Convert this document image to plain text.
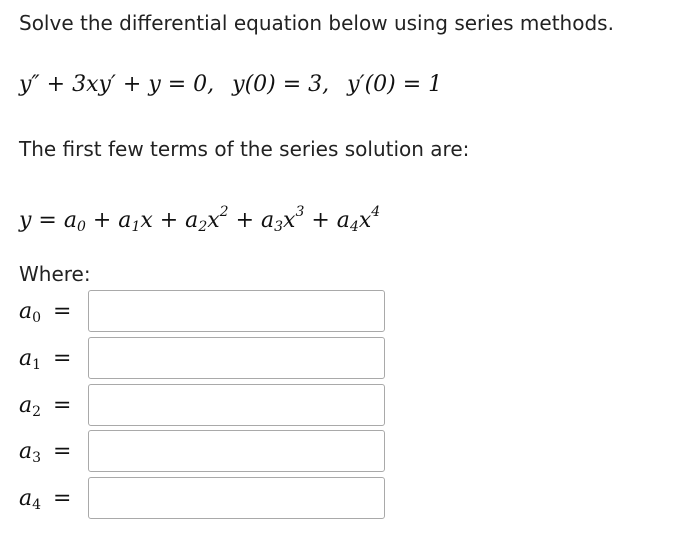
Solve the differential equation below using series methods.
y″ + 3xy′ + y = 0, y(0) = 3, y′(0) = 1
The first few terms of the series solution are:
$y = a_0 + a_1x + a_2x^2 + a_3x^3 + a_4x^4$
Where:
$a_0$ =
$a_1$ =
$a_2$ =
$a_3$ =
$a_4$ =
